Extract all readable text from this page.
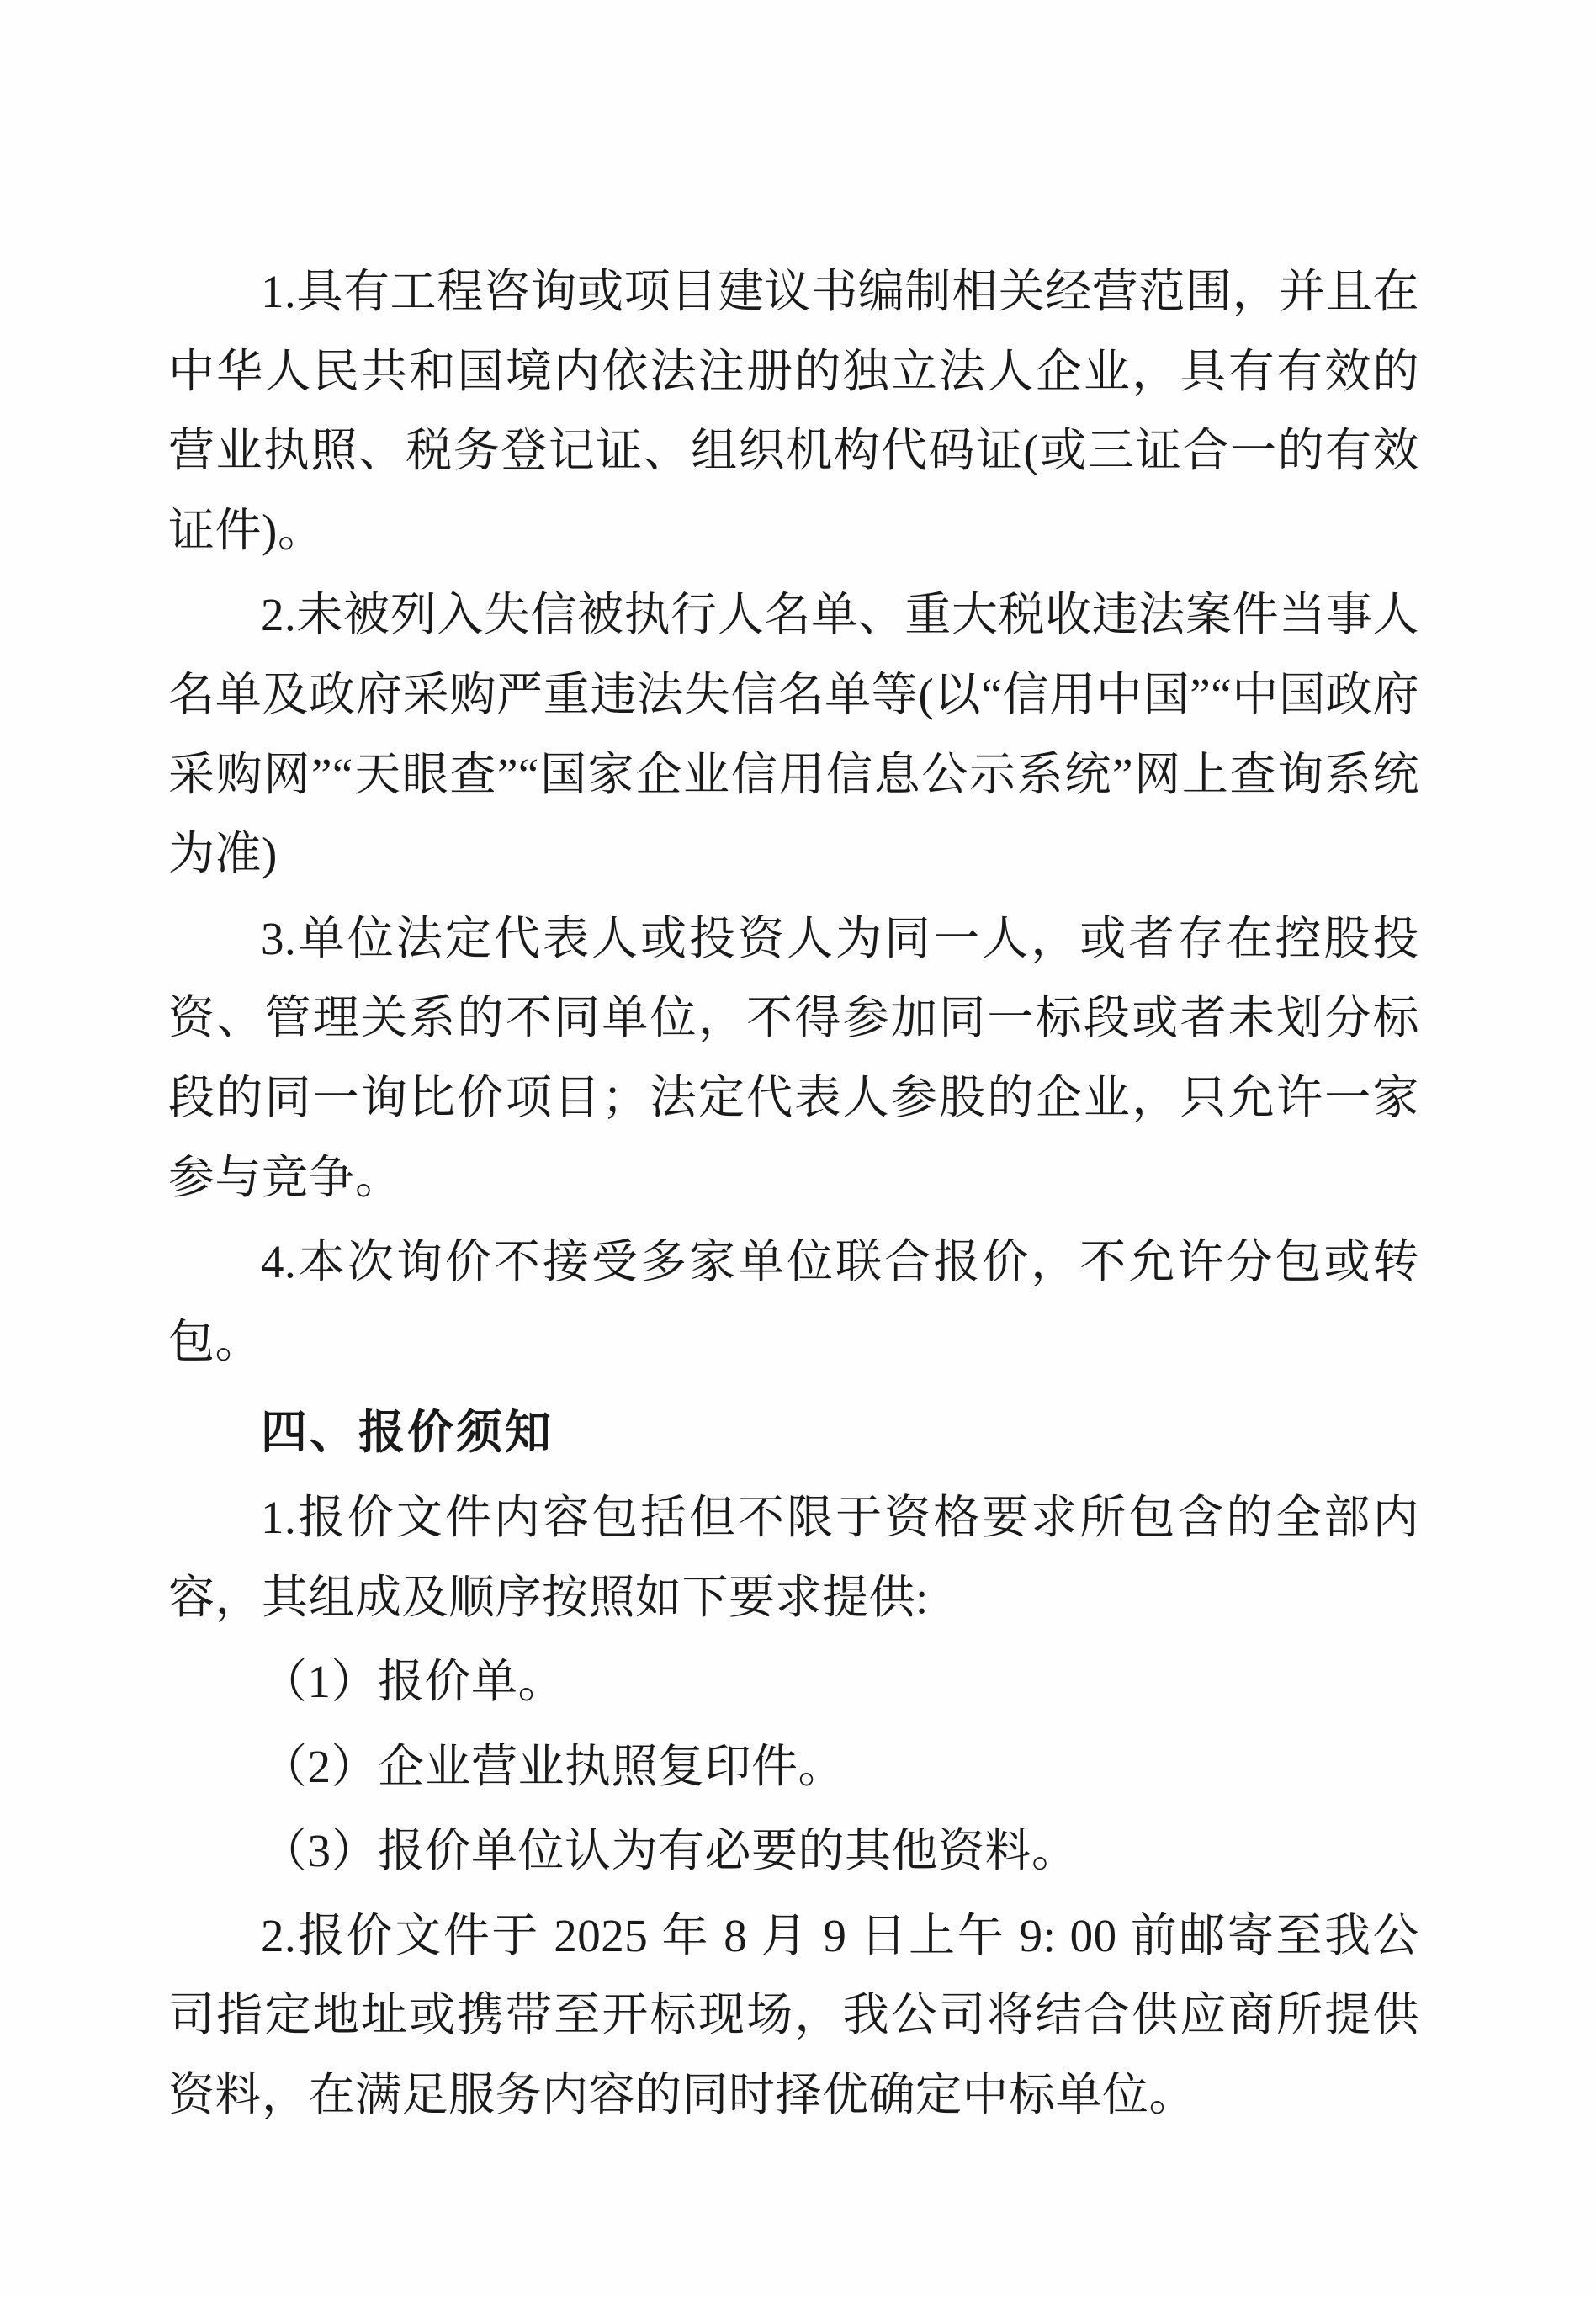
1.具有工程咨询或项目建议书编制相关经营范围，并且在中华人民共和国境内依法注册的独立法人企业，具有有效的营业执照、税务登记证、组织机构代码证(或三证合一的有效证件)。

2.未被列入失信被执行人名单、重大税收违法案件当事人名单及政府采购严重违法失信名单等(以“信用中国”“中国政府采购网”“天眼查”“国家企业信用信息公示系统”网上查询系统为准)

3.单位法定代表人或投资人为同一人，或者存在控股投资、管理关系的不同单位，不得参加同一标段或者未划分标段的同一询比价项目；法定代表人参股的企业，只允许一家参与竞争。

4.本次询价不接受多家单位联合报价，不允许分包或转包。

四、报价须知

1.报价文件内容包括但不限于资格要求所包含的全部内容，其组成及顺序按照如下要求提供:

（1）报价单。

（2）企业营业执照复印件。

（3）报价单位认为有必要的其他资料。

2.报价文件于 2025 年 8 月 9 日上午 9: 00 前邮寄至我公司指定地址或携带至开标现场，我公司将结合供应商所提供资料，在满足服务内容的同时择优确定中标单位。
